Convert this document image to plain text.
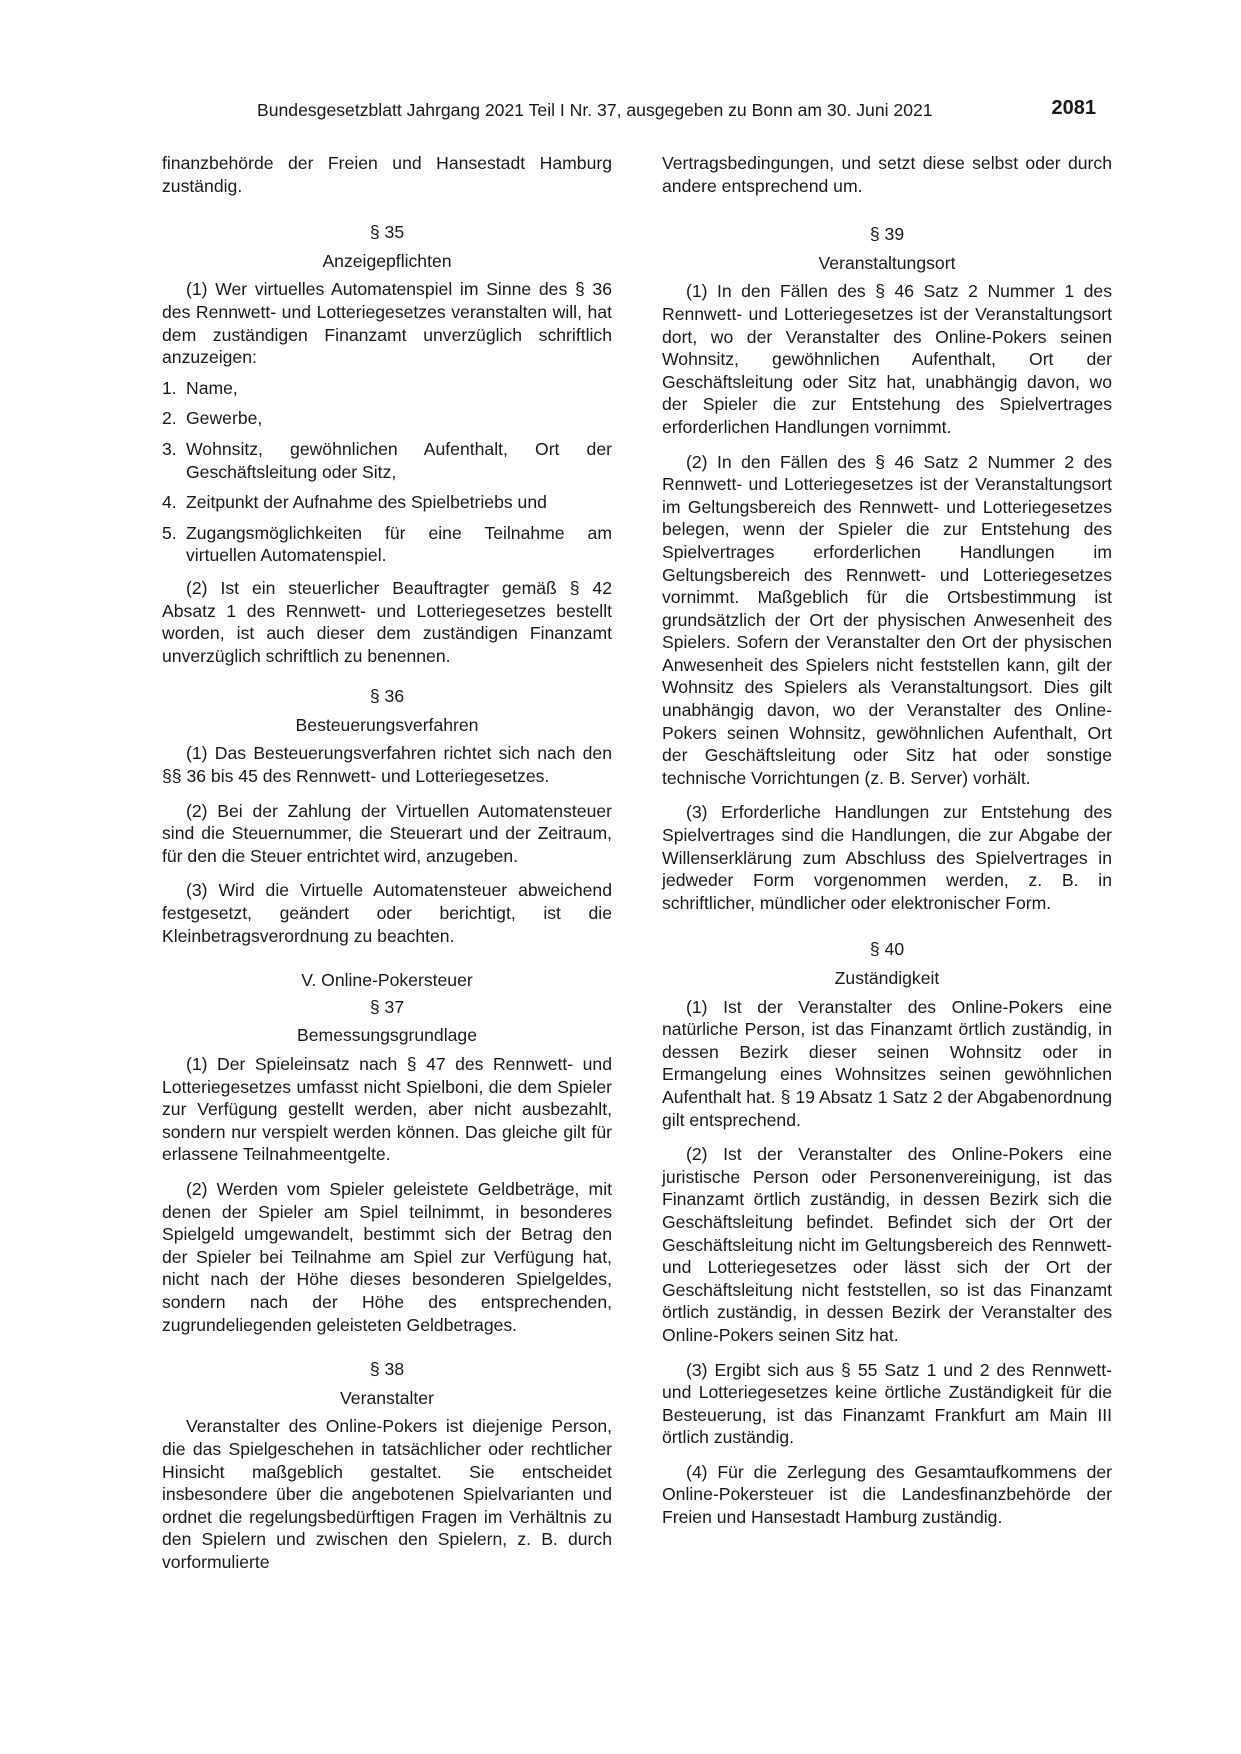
Bundesgesetzblatt Jahrgang 2021 Teil I Nr. 37, ausgegeben zu Bonn am 30. Juni 2021	2081

finanzbehörde der Freien und Hansestadt Hamburg zuständig.

§ 35

Anzeigepflichten

(1) Wer virtuelles Automatenspiel im Sinne des § 36 des Rennwett- und Lotteriegesetzes veranstalten will, hat dem zuständigen Finanzamt unverzüglich schriftlich anzuzeigen:

1. Name,
2. Gewerbe,
3. Wohnsitz, gewöhnlichen Aufenthalt, Ort der Geschäftsleitung oder Sitz,
4. Zeitpunkt der Aufnahme des Spielbetriebs und
5. Zugangsmöglichkeiten für eine Teilnahme am virtuellen Automatenspiel.

(2) Ist ein steuerlicher Beauftragter gemäß § 42 Absatz 1 des Rennwett- und Lotteriegesetzes bestellt worden, ist auch dieser dem zuständigen Finanzamt unverzüglich schriftlich zu benennen.

§ 36

Besteuerungsverfahren

(1) Das Besteuerungsverfahren richtet sich nach den §§ 36 bis 45 des Rennwett- und Lotteriegesetzes.

(2) Bei der Zahlung der Virtuellen Automatensteuer sind die Steuernummer, die Steuerart und der Zeitraum, für den die Steuer entrichtet wird, anzugeben.

(3) Wird die Virtuelle Automatensteuer abweichend festgesetzt, geändert oder berichtigt, ist die Kleinbetragsverordnung zu beachten.

V. Online-Pokersteuer

§ 37

Bemessungsgrundlage

(1) Der Spieleinsatz nach § 47 des Rennwett- und Lotteriegesetzes umfasst nicht Spielboni, die dem Spieler zur Verfügung gestellt werden, aber nicht ausbezahlt, sondern nur verspielt werden können. Das gleiche gilt für erlassene Teilnahmeentgelte.

(2) Werden vom Spieler geleistete Geldbeträge, mit denen der Spieler am Spiel teilnimmt, in besonderes Spielgeld umgewandelt, bestimmt sich der Betrag den der Spieler bei Teilnahme am Spiel zur Verfügung hat, nicht nach der Höhe dieses besonderen Spielgeldes, sondern nach der Höhe des entsprechenden, zugrundeliegenden geleisteten Geldbetrages.

§ 38

Veranstalter

Veranstalter des Online-Pokers ist diejenige Person, die das Spielgeschehen in tatsächlicher oder rechtlicher Hinsicht maßgeblich gestaltet. Sie entscheidet insbesondere über die angebotenen Spielvarianten und ordnet die regelungsbedürftigen Fragen im Verhältnis zu den Spielern und zwischen den Spielern, z. B. durch vorformulierte

Vertragsbedingungen, und setzt diese selbst oder durch andere entsprechend um.

§ 39

Veranstaltungsort

(1) In den Fällen des § 46 Satz 2 Nummer 1 des Rennwett- und Lotteriegesetzes ist der Veranstaltungsort dort, wo der Veranstalter des Online-Pokers seinen Wohnsitz, gewöhnlichen Aufenthalt, Ort der Geschäftsleitung oder Sitz hat, unabhängig davon, wo der Spieler die zur Entstehung des Spielvertrages erforderlichen Handlungen vornimmt.

(2) In den Fällen des § 46 Satz 2 Nummer 2 des Rennwett- und Lotteriegesetzes ist der Veranstaltungsort im Geltungsbereich des Rennwett- und Lotteriegesetzes belegen, wenn der Spieler die zur Entstehung des Spielvertrages erforderlichen Handlungen im Geltungsbereich des Rennwett- und Lotteriegesetzes vornimmt. Maßgeblich für die Ortsbestimmung ist grundsätzlich der Ort der physischen Anwesenheit des Spielers. Sofern der Veranstalter den Ort der physischen Anwesenheit des Spielers nicht feststellen kann, gilt der Wohnsitz des Spielers als Veranstaltungsort. Dies gilt unabhängig davon, wo der Veranstalter des Online-Pokers seinen Wohnsitz, gewöhnlichen Aufenthalt, Ort der Geschäftsleitung oder Sitz hat oder sonstige technische Vorrichtungen (z. B. Server) vorhält.

(3) Erforderliche Handlungen zur Entstehung des Spielvertrages sind die Handlungen, die zur Abgabe der Willenserklärung zum Abschluss des Spielvertrages in jedweder Form vorgenommen werden, z. B. in schriftlicher, mündlicher oder elektronischer Form.

§ 40

Zuständigkeit

(1) Ist der Veranstalter des Online-Pokers eine natürliche Person, ist das Finanzamt örtlich zuständig, in dessen Bezirk dieser seinen Wohnsitz oder in Ermangelung eines Wohnsitzes seinen gewöhnlichen Aufenthalt hat. § 19 Absatz 1 Satz 2 der Abgabenordnung gilt entsprechend.

(2) Ist der Veranstalter des Online-Pokers eine juristische Person oder Personenvereinigung, ist das Finanzamt örtlich zuständig, in dessen Bezirk sich die Geschäftsleitung befindet. Befindet sich der Ort der Geschäftsleitung nicht im Geltungsbereich des Rennwett- und Lotteriegesetzes oder lässt sich der Ort der Geschäftsleitung nicht feststellen, so ist das Finanzamt örtlich zuständig, in dessen Bezirk der Veranstalter des Online-Pokers seinen Sitz hat.

(3) Ergibt sich aus § 55 Satz 1 und 2 des Rennwett- und Lotteriegesetzes keine örtliche Zuständigkeit für die Besteuerung, ist das Finanzamt Frankfurt am Main III örtlich zuständig.

(4) Für die Zerlegung des Gesamtaufkommens der Online-Pokersteuer ist die Landesfinanzbehörde der Freien und Hansestadt Hamburg zuständig.
